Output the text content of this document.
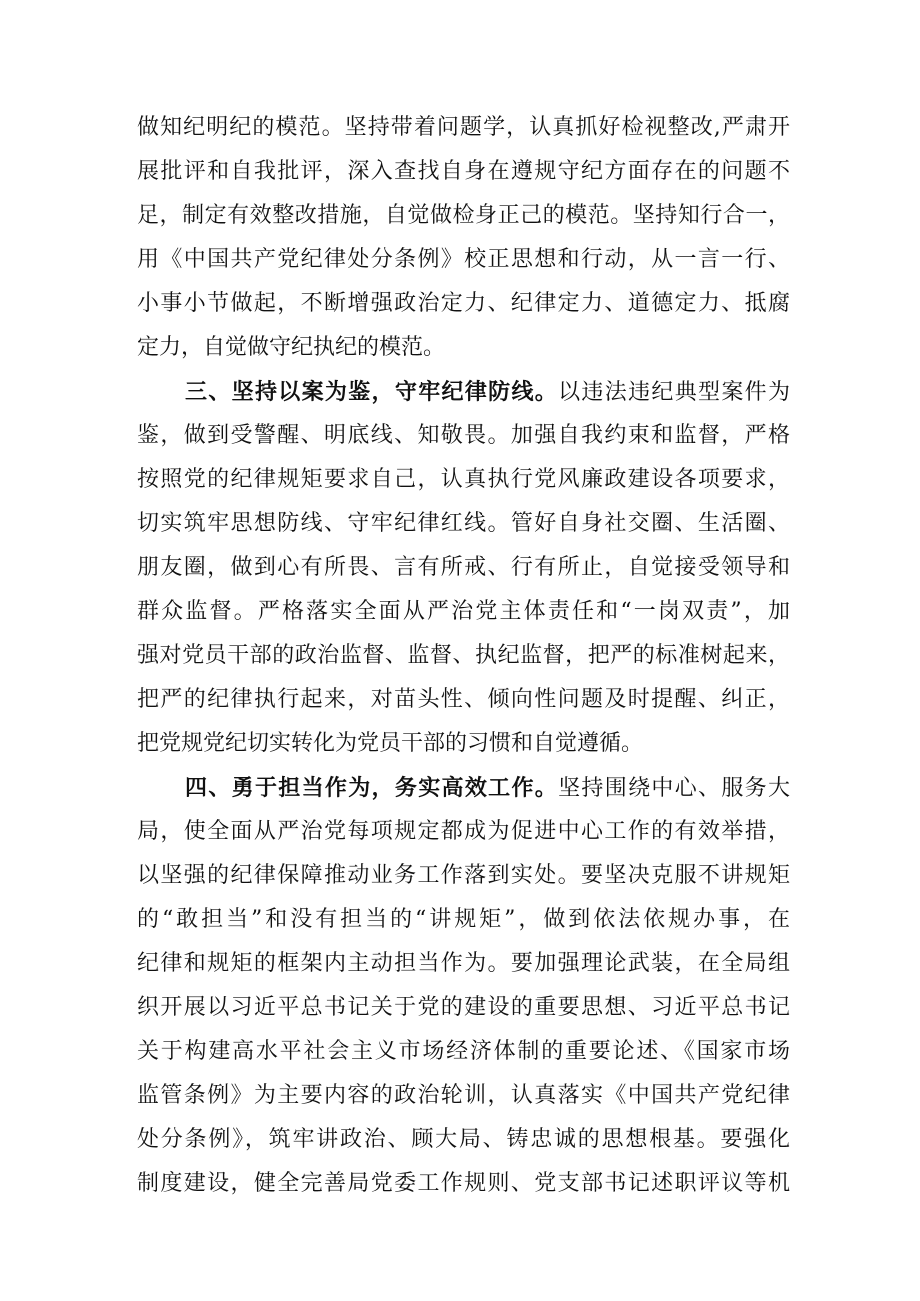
做知纪明纪的模范。坚持带着问题学，认真抓好检视整改,严肃开
展批评和自我批评，深入查找自身在遵规守纪方面存在的问题不
足，制定有效整改措施，自觉做检身正己的模范。坚持知行合一，
用《中国共产党纪律处分条例》校正思想和行动，从一言一行、
小事小节做起，不断增强政治定力、纪律定力、道德定力、抵腐
定力，自觉做守纪执纪的模范。
三、坚持以案为鉴，守牢纪律防线。以违法违纪典型案件为
鉴，做到受警醒、明底线、知敬畏。加强自我约束和监督，严格
按照党的纪律规矩要求自己，认真执行党风廉政建设各项要求，
切实筑牢思想防线、守牢纪律红线。管好自身社交圈、生活圈、
朋友圈，做到心有所畏、言有所戒、行有所止，自觉接受领导和
群众监督。严格落实全面从严治党主体责任和“一岗双责”，加
强对党员干部的政治监督、监督、执纪监督，把严的标准树起来，
把严的纪律执行起来，对苗头性、倾向性问题及时提醒、纠正，
把党规党纪切实转化为党员干部的习惯和自觉遵循。
四、勇于担当作为，务实高效工作。坚持围绕中心、服务大
局，使全面从严治党每项规定都成为促进中心工作的有效举措，
以坚强的纪律保障推动业务工作落到实处。要坚决克服不讲规矩
的“敢担当”和没有担当的“讲规矩”，做到依法依规办事，在
纪律和规矩的框架内主动担当作为。要加强理论武装，在全局组
织开展以习近平总书记关于党的建设的重要思想、习近平总书记
关于构建高水平社会主义市场经济体制的重要论述、《国家市场
监管条例》为主要内容的政治轮训，认真落实《中国共产党纪律
处分条例》，筑牢讲政治、顾大局、铸忠诚的思想根基。要强化
制度建设，健全完善局党委工作规则、党支部书记述职评议等机
